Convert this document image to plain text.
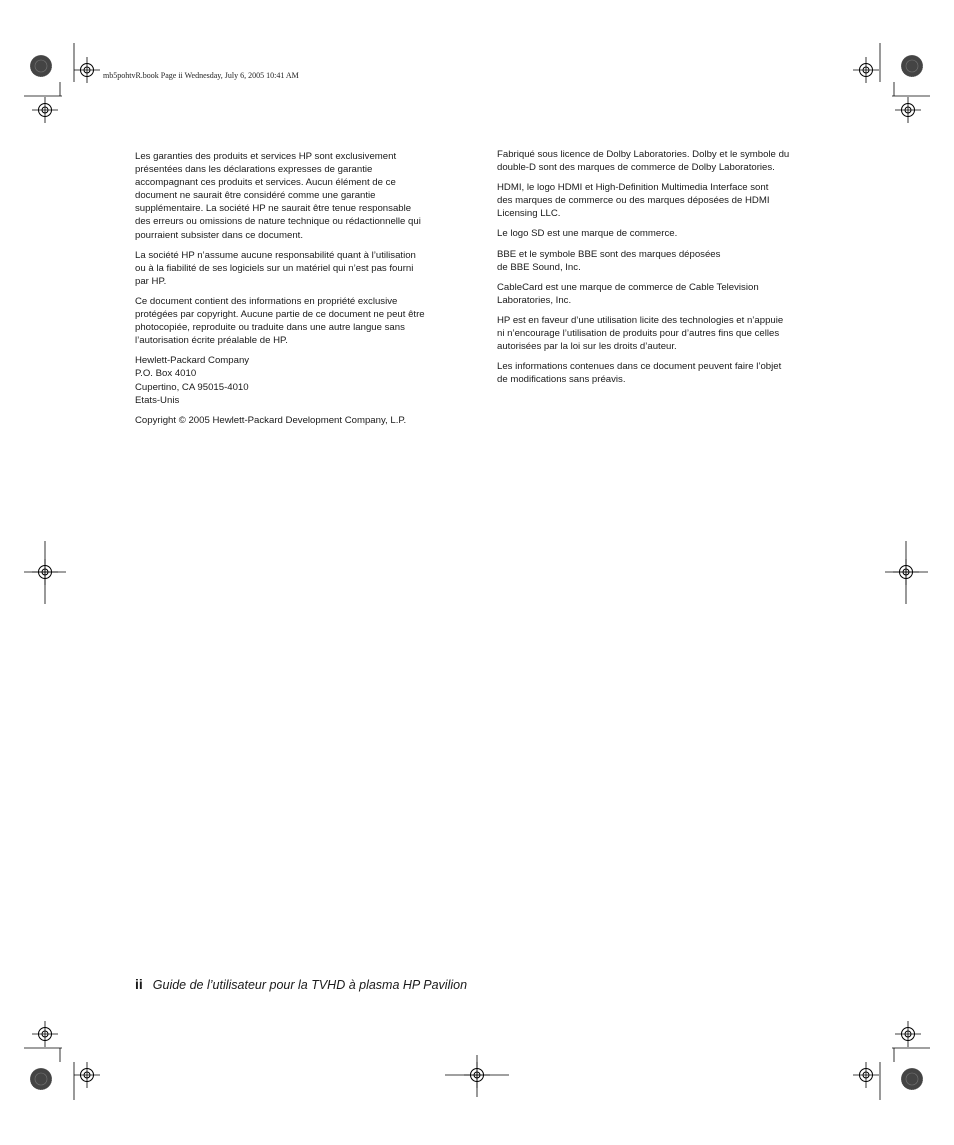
mb5pohtvR.book Page ii Wednesday, July 6, 2005 10:41 AM

Les garanties des produits et services HP sont exclusivement
présentées dans les déclarations expresses de garantie
accompagnant ces produits et services. Aucun élément de ce
document ne saurait être considéré comme une garantie
supplémentaire. La société HP ne saurait être tenue responsable
des erreurs ou omissions de nature technique ou rédactionnelle qui
pourraient subsister dans ce document.

La société HP n’assume aucune responsabilité quant à l’utilisation
ou à la fiabilité de ses logiciels sur un matériel qui n’est pas fourni
par HP.

Ce document contient des informations en propriété exclusive
protégées par copyright. Aucune partie de ce document ne peut être
photocopiée, reproduite ou traduite dans une autre langue sans
l’autorisation écrite préalable de HP.

Hewlett-Packard Company
P.O. Box 4010
Cupertino, CA 95015-4010
Etats-Unis

Copyright © 2005 Hewlett-Packard Development Company, L.P.

Fabriqué sous licence de Dolby Laboratories. Dolby et le symbole du
double-D sont des marques de commerce de Dolby Laboratories.

HDMI, le logo HDMI et High-Definition Multimedia Interface sont
des marques de commerce ou des marques déposées de HDMI
Licensing LLC.

Le logo SD est une marque de commerce.

BBE et le symbole BBE sont des marques déposées
de BBE Sound, Inc.

CableCard est une marque de commerce de Cable Television
Laboratories, Inc.

HP est en faveur d’une utilisation licite des technologies et n’appuie
ni n’encourage l’utilisation de produits pour d’autres fins que celles
autorisées par la loi sur les droits d’auteur.

Les informations contenues dans ce document peuvent faire l’objet
de modifications sans préavis.

ii Guide de l’utilisateur pour la TVHD à plasma HP Pavilion
